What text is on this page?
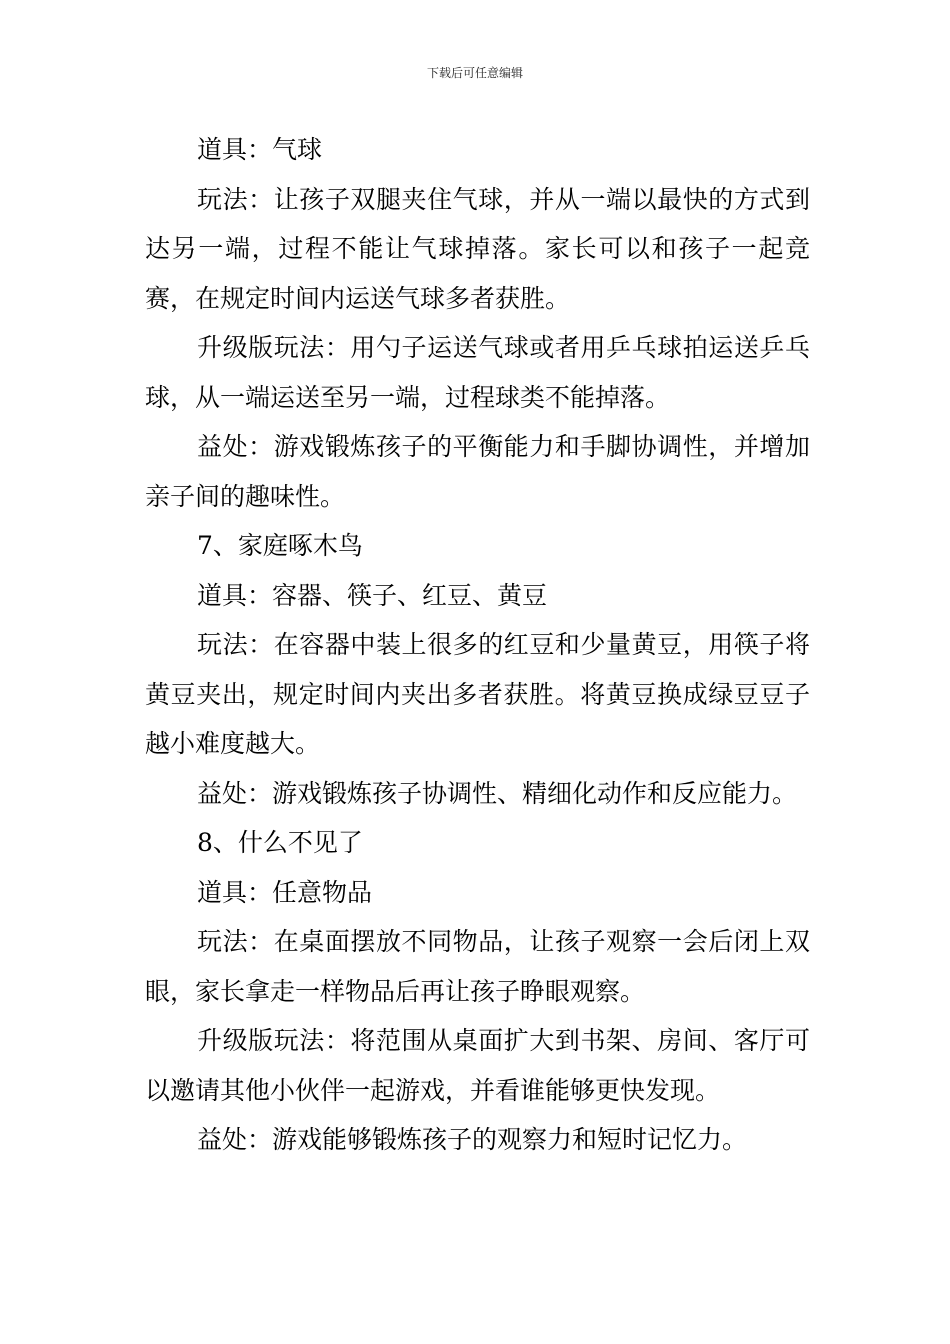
下载后可任意编辑

道具：气球

玩法：让孩子双腿夹住气球，并从一端以最快的方式到达另一端，过程不能让气球掉落。家长可以和孩子一起竞赛，在规定时间内运送气球多者获胜。

升级版玩法：用勺子运送气球或者用乒乓球拍运送乒乓球，从一端运送至另一端，过程球类不能掉落。

益处：游戏锻炼孩子的平衡能力和手脚协调性，并增加亲子间的趣味性。

7、家庭啄木鸟

道具：容器、筷子、红豆、黄豆

玩法：在容器中装上很多的红豆和少量黄豆，用筷子将黄豆夹出，规定时间内夹出多者获胜。将黄豆换成绿豆豆子越小难度越大。

益处：游戏锻炼孩子协调性、精细化动作和反应能力。

8、什么不见了

道具：任意物品

玩法：在桌面摆放不同物品，让孩子观察一会后闭上双眼，家长拿走一样物品后再让孩子睁眼观察。

升级版玩法：将范围从桌面扩大到书架、房间、客厅可以邀请其他小伙伴一起游戏，并看谁能够更快发现。

益处：游戏能够锻炼孩子的观察力和短时记忆力。
